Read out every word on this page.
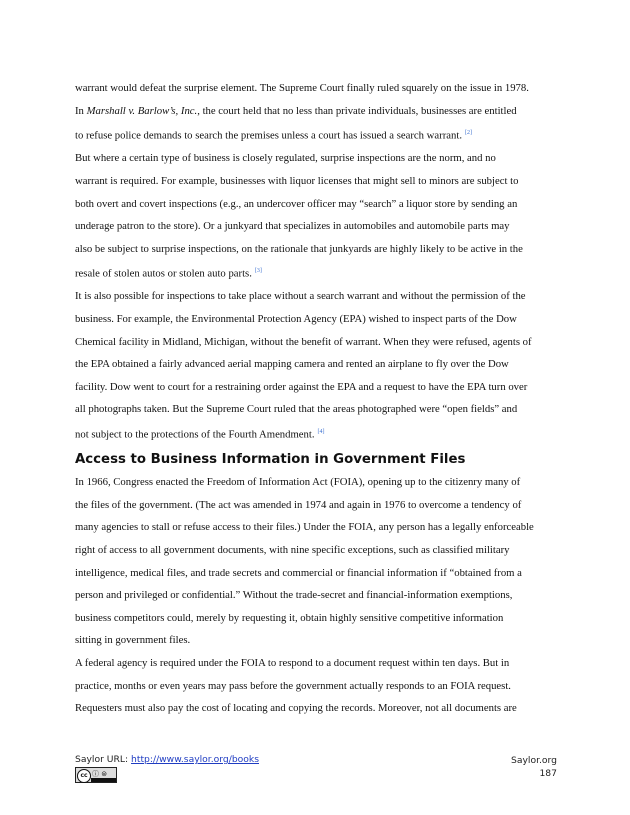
warrant would defeat the surprise element. The Supreme Court finally ruled squarely on the issue in 1978.
In Marshall v. Barlow’s, Inc., the court held that no less than private individuals, businesses are entitled
to refuse police demands to search the premises unless a court has issued a search warrant. [2]

But where a certain type of business is closely regulated, surprise inspections are the norm, and no
warrant is required. For example, businesses with liquor licenses that might sell to minors are subject to
both overt and covert inspections (e.g., an undercover officer may “search” a liquor store by sending an
underage patron to the store). Or a junkyard that specializes in automobiles and automobile parts may
also be subject to surprise inspections, on the rationale that junkyards are highly likely to be active in the
resale of stolen autos or stolen auto parts. [3]

It is also possible for inspections to take place without a search warrant and without the permission of the
business. For example, the Environmental Protection Agency (EPA) wished to inspect parts of the Dow
Chemical facility in Midland, Michigan, without the benefit of warrant. When they were refused, agents of
the EPA obtained a fairly advanced aerial mapping camera and rented an airplane to fly over the Dow
facility. Dow went to court for a restraining order against the EPA and a request to have the EPA turn over
all photographs taken. But the Supreme Court ruled that the areas photographed were “open fields” and
not subject to the protections of the Fourth Amendment. [4]

Access to Business Information in Government Files

In 1966, Congress enacted the Freedom of Information Act (FOIA), opening up to the citizenry many of
the files of the government. (The act was amended in 1974 and again in 1976 to overcome a tendency of
many agencies to stall or refuse access to their files.) Under the FOIA, any person has a legally enforceable
right of access to all government documents, with nine specific exceptions, such as classified military
intelligence, medical files, and trade secrets and commercial or financial information if “obtained from a
person and privileged or confidential.” Without the trade-secret and financial-information exemptions,
business competitors could, merely by requesting it, obtain highly sensitive competitive information
sitting in government files.

A federal agency is required under the FOIA to respond to a document request within ten days. But in
practice, months or even years may pass before the government actually responds to an FOIA request.
Requesters must also pay the cost of locating and copying the records. Moreover, not all documents are

Saylor URL: http://www.saylor.org/books
cc ⓘ ⊜
Saylor.org
187
